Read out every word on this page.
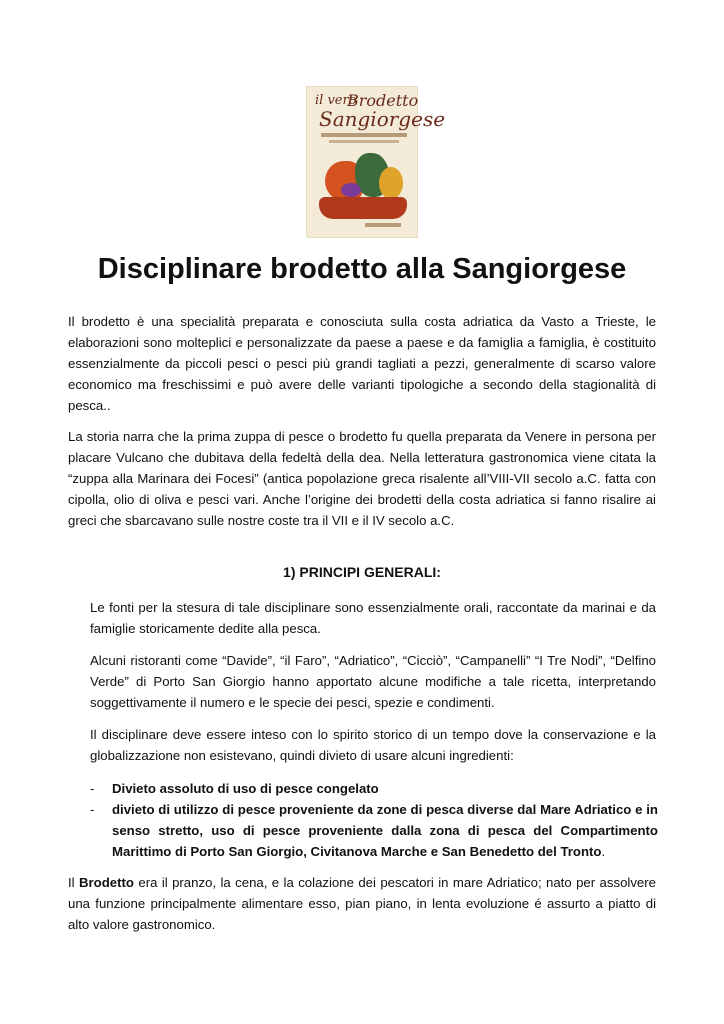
il vero
Brodetto
Sangiorgese
Disciplinare brodetto alla Sangiorgese

Il brodetto è una specialità preparata e conosciuta sulla costa adriatica da Vasto a Trieste, le elaborazioni sono molteplici e personalizzate da paese a paese e da famiglia a famiglia, è costituito essenzialmente da piccoli pesci o pesci più grandi tagliati a pezzi, generalmente di scarso valore economico ma freschissimi e può avere delle varianti tipologiche a secondo della stagionalità di pesca..

La storia narra che la prima zuppa di pesce o brodetto fu quella preparata da Venere in persona per placare Vulcano che dubitava della fedeltà della dea. Nella letteratura gastronomica viene citata la “zuppa alla Marinara dei Focesi” (antica popolazione greca risalente all’VIII-VII secolo a.C. fatta con cipolla, olio di oliva e pesci vari. Anche l’origine dei brodetti della costa adriatica si fanno risalire ai greci che sbarcavano sulle nostre coste tra il VII e il IV secolo a.C.

1) PRINCIPI GENERALI:

Le fonti per la stesura di tale disciplinare sono essenzialmente orali, raccontate da marinai e da famiglie storicamente dedite alla pesca.

Alcuni ristoranti come “Davide”, “il Faro”, “Adriatico”, “Cicciò”, “Campanelli” “I Tre Nodi”, “Delfino Verde” di Porto San Giorgio hanno apportato alcune modifiche a tale ricetta, interpretando soggettivamente il numero e le specie dei pesci, spezie e condimenti.

Il disciplinare deve essere inteso con lo spirito storico di un tempo dove la conservazione e la globalizzazione non esistevano, quindi divieto di usare alcuni ingredienti:

- Divieto assoluto di uso di pesce congelato
- divieto di utilizzo di pesce proveniente da zone di pesca diverse dal Mare Adriatico e in senso stretto, uso di pesce proveniente dalla zona di pesca del Compartimento Marittimo di Porto San Giorgio, Civitanova Marche e San Benedetto del Tronto.

Il Brodetto era il pranzo, la cena, e la colazione dei pescatori in mare Adriatico; nato per assolvere una funzione principalmente alimentare esso, pian piano, in lenta evoluzione é assurto a piatto di alto valore gastronomico.
